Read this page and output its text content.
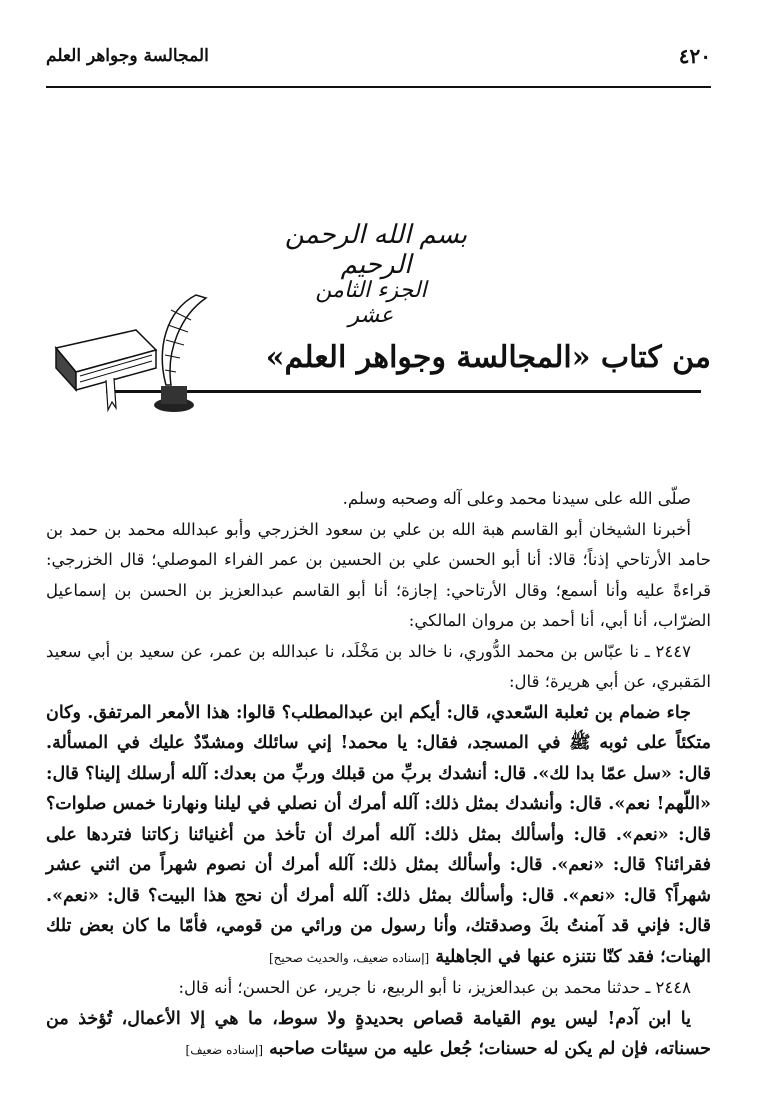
٤٢٠
المجالسة وجواهر العلم
بسم الله الرحمن الرحيم
الجزء الثامن عشر
من كتاب «المجالسة وجواهر العلم»

صلّى الله على سيدنا محمد وعلى آله وصحبه وسلم.

أخبرنا الشيخان أبو القاسم هبة الله بن علي بن سعود الخزرجي وأبو عبدالله محمد بن حمد بن حامد الأرتاحي إذناً؛ قالا: أنا أبو الحسن علي بن الحسين بن عمر الفراء الموصلي؛ قال الخزرجي: قراءةً عليه وأنا أسمع؛ وقال الأرتاحي: إجازة؛ أنا أبو القاسم عبدالعزيز بن الحسن بن إسماعيل الضرّاب، أنا أبي، أنا أحمد بن مروان المالكي:

٢٤٤٧ ـ نا عبّاس بن محمد الدُّوري، نا خالد بن مَخْلَد، نا عبدالله بن عمر، عن سعيد بن أبي سعيد المَقبري، عن أبي هريرة؛ قال:

جاء ضمام بن ثعلبة السّعدي، قال: أيكم ابن عبدالمطلب؟ قالوا: هذا الأمعر المرتفق. وكان متكئاً على ثوبه ﷺ في المسجد، فقال: يا محمد! إني سائلك ومشدّدٌ عليك في المسألة. قال: «سل عمّا بدا لك». قال: أنشدك بربِّ من قبلك وربِّ من بعدك: آلله أرسلك إلينا؟ قال: «اللّهم! نعم». قال: وأنشدك بمثل ذلك: آلله أمرك أن نصلي في ليلنا ونهارنا خمس صلوات؟ قال: «نعم». قال: وأسألك بمثل ذلك: آلله أمرك أن تأخذ من أغنيائنا زكاتنا فتردها على فقرائنا؟ قال: «نعم». قال: وأسألك بمثل ذلك: آلله أمرك أن نصوم شهراً من اثني عشر شهراً؟ قال: «نعم». قال: وأسألك بمثل ذلك: آلله أمرك أن نحج هذا البيت؟ قال: «نعم». قال: فإني قد آمنتُ بكَ وصدقتك، وأنا رسول من ورائي من قومي، فأمّا ما كان بعض تلك الهنات؛ فقد كنّا نتنزه عنها في الجاهلية [إسناده ضعيف، والحديث صحيح]

٢٤٤٨ ـ حدثنا محمد بن عبدالعزيز، نا أبو الربيع، نا جرير، عن الحسن؛ أنه قال:

يا ابن آدم! ليس يوم القيامة قصاص بحديدةٍ ولا سوط، ما هي إلا الأعمال، تُؤخذ من حسناته، فإن لم يكن له حسنات؛ جُعل عليه من سيئات صاحبه [إسناده ضعيف]
